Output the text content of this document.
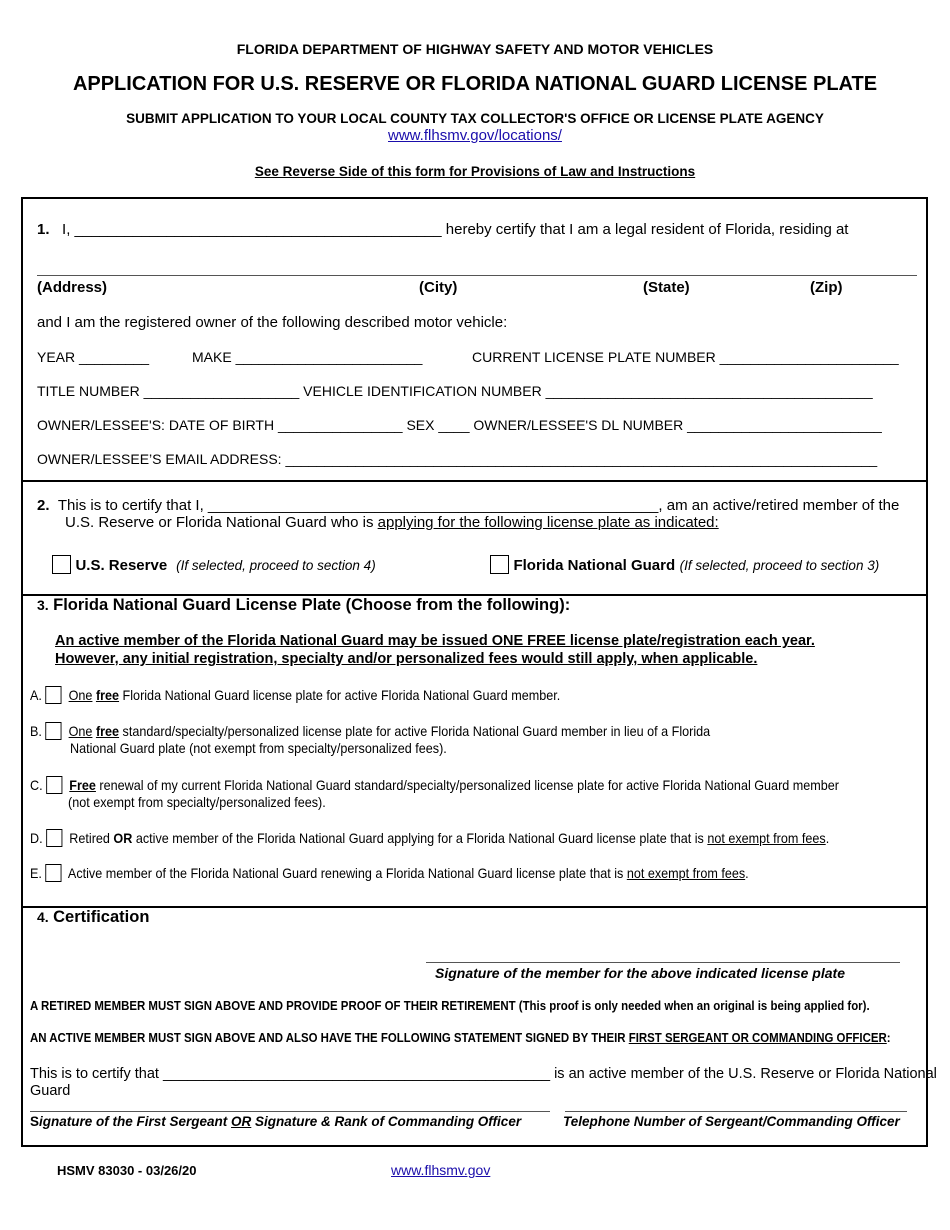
FLORIDA DEPARTMENT OF HIGHWAY SAFETY AND MOTOR VEHICLES
APPLICATION FOR U.S. RESERVE OR FLORIDA NATIONAL GUARD LICENSE PLATE
SUBMIT APPLICATION TO YOUR LOCAL COUNTY TAX COLLECTOR'S OFFICE OR LICENSE PLATE AGENCY
www.flhsmv.gov/locations/
See Reverse Side of this form for Provisions of Law and Instructions
1. I, ____________________________________________ hereby certify that I am a legal resident of Florida, residing at
(Address)	(City)	(State)	(Zip)
and I am the registered owner of the following described motor vehicle:
YEAR _________	MAKE ________________________	CURRENT LICENSE PLATE NUMBER _______________________
TITLE NUMBER ____________________ VEHICLE IDENTIFICATION NUMBER __________________________________________
OWNER/LESSEE'S: DATE OF BIRTH ________________ SEX ____ OWNER/LESSEE'S DL NUMBER _________________________
OWNER/LESSEE’S EMAIL ADDRESS: ____________________________________________________________________________
2. This is to certify that I, ______________________________________________________, am an active/retired member of the
U.S. Reserve or Florida National Guard who is applying for the following license plate as indicated:
U.S. Reserve (If selected, proceed to section 4)	Florida National Guard (If selected, proceed to section 3)
3. Florida National Guard License Plate (Choose from the following):
An active member of the Florida National Guard may be issued ONE FREE license plate/registration each year.
However, any initial registration, specialty and/or personalized fees would still apply, when applicable.
A. One free Florida National Guard license plate for active Florida National Guard member.
B. One free standard/specialty/personalized license plate for active Florida National Guard member in lieu of a Florida
National Guard plate (not exempt from specialty/personalized fees).
C. Free renewal of my current Florida National Guard standard/specialty/personalized license plate for active Florida National Guard member
(not exempt from specialty/personalized fees).
D. Retired OR active member of the Florida National Guard applying for a Florida National Guard license plate that is not exempt from fees.
E. Active member of the Florida National Guard renewing a Florida National Guard license plate that is not exempt from fees.
4. Certification
Signature of the member for the above indicated license plate
A RETIRED MEMBER MUST SIGN ABOVE AND PROVIDE PROOF OF THEIR RETIREMENT (This proof is only needed when an original is being applied for).
AN ACTIVE MEMBER MUST SIGN ABOVE AND ALSO HAVE THE FOLLOWING STATEMENT SIGNED BY THEIR FIRST SERGEANT OR COMMANDING OFFICER:
This is to certify that ________________________________________________ is an active member of the U.S. Reserve or Florida National
Guard
Signature of the First Sergeant OR Signature & Rank of Commanding Officer	Telephone Number of Sergeant/Commanding Officer
HSMV 83030 - 03/26/20	www.flhsmv.gov
